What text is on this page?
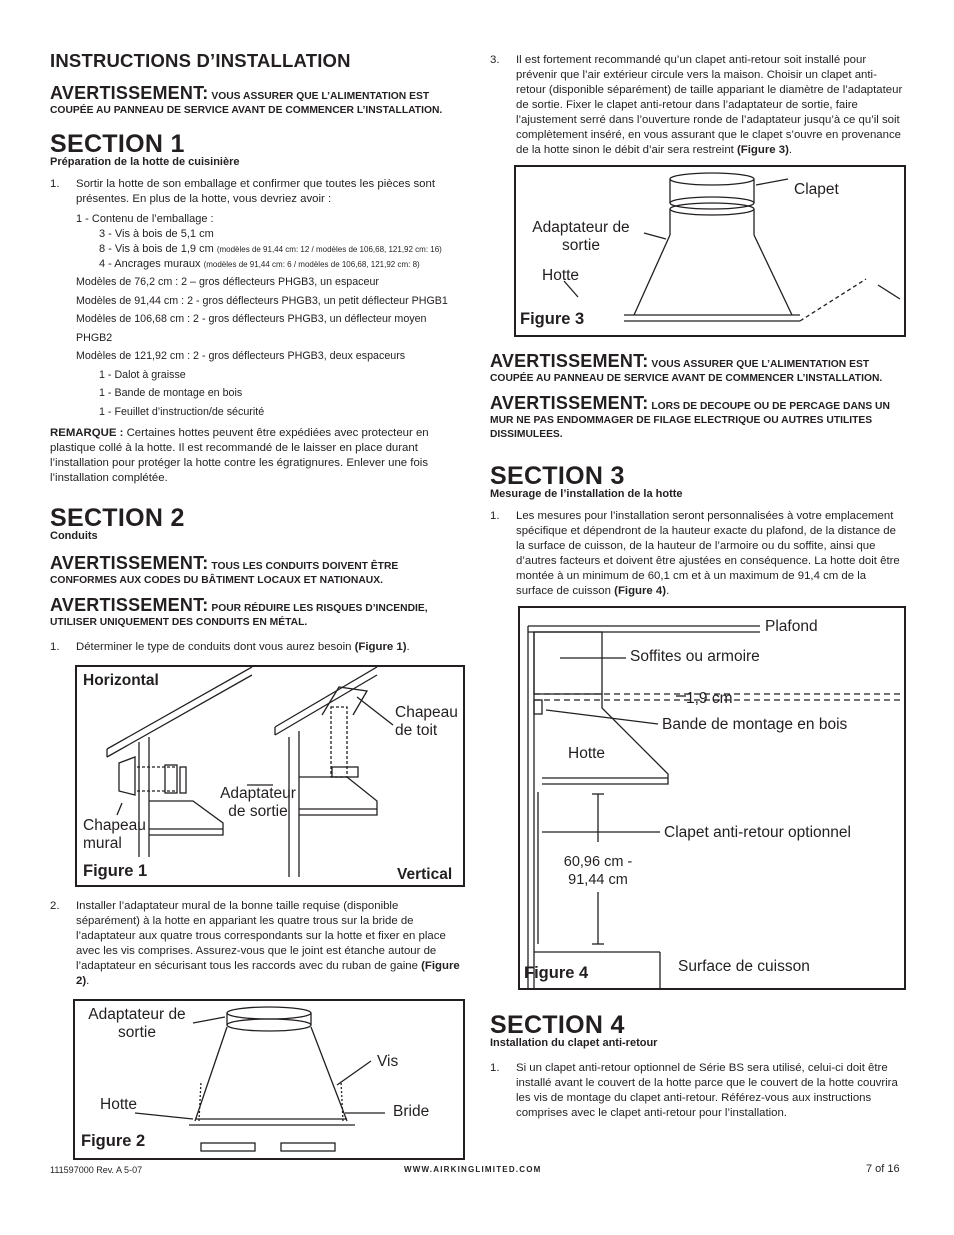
INSTRUCTIONS D’INSTALLATION
AVERTISSEMENT: VOUS ASSURER QUE L’ALIMENTATION EST COUPÉE AU PANNEAU DE SERVICE AVANT DE COMMENCER L’INSTALLATION.
SECTION 1
Préparation de la hotte de cuisinière
1.	Sortir la hotte de son emballage et confirmer que toutes les pièces sont présentes. En plus de la hotte, vous devriez avoir :
1 - Contenu de l’emballage :
3 - Vis à bois de 5,1 cm
8 - Vis à bois de 1,9 cm (modèles de 91,44 cm: 12 / modèles de 106,68, 121,92 cm: 16)
4 - Ancrages muraux (modèles de 91,44 cm: 6 / modèles de 106,68, 121,92 cm: 8)
Modèles de 76,2 cm : 2 – gros déflecteurs PHGB3, un espaceur
Modèles de 91,44 cm : 2 - gros déflecteurs PHGB3, un petit déflecteur PHGB1
Modèles de 106,68 cm : 2 - gros déflecteurs PHGB3, un déflecteur moyen PHGB2
Modèles de 121,92 cm : 2 - gros déflecteurs PHGB3, deux espaceurs
1 - Dalot à graisse
1 - Bande de montage en bois
1 - Feuillet d’instruction/de sécurité
REMARQUE : Certaines hottes peuvent être expédiées avec protecteur en plastique collé à la hotte. Il est recommandé de le laisser en place durant l’installation pour protéger la hotte contre les égratignures. Enlever une fois l’installation complétée.
SECTION 2
Conduits
AVERTISSEMENT: TOUS LES CONDUITS DOIVENT ÊTRE CONFORMES AUX CODES DU BÂTIMENT LOCAUX ET NATIONAUX.
AVERTISSEMENT: POUR RÉDUIRE LES RISQUES D’INCENDIE, UTILISER UNIQUEMENT DES CONDUITS EN MÉTAL.
1.	Déterminer le type de conduits dont vous aurez besoin (Figure 1).
Horizontal
Chapeau de toit
Adaptateur de sortie
Chapeau mural
Figure 1	Vertical
2.	Installer l’adaptateur mural de la bonne taille requise (disponible séparément) à la hotte en appariant les quatre trous sur la bride de l’adaptateur aux quatre trous correspondants sur la hotte et fixer en place avec les vis comprises. Assurez-vous que le joint est étanche autour de l’adaptateur en sécurisant tous les raccords avec du ruban de gaine (Figure 2).
Adaptateur de sortie
Vis
Hotte	Bride
Figure 2
3.	Il est fortement recommandé qu’un clapet anti-retour soit installé pour prévenir que l’air extérieur circule vers la maison. Choisir un clapet anti-retour (disponible séparément) de taille appariant le diamètre de l’adaptateur de sortie. Fixer le clapet anti-retour dans l’adaptateur de sortie, faire l’ajustement serré dans l’ouverture ronde de l’adaptateur jusqu’à ce qu’il soit complètement inséré, en vous assurant que le clapet s’ouvre en provenance de la hotte sinon le débit d’air sera restreint (Figure 3).
Clapet
Adaptateur de sortie
Hotte
Figure 3
AVERTISSEMENT: VOUS ASSURER QUE L’ALIMENTATION EST COUPÉE AU PANNEAU DE SERVICE AVANT DE COMMENCER L’INSTALLATION.
AVERTISSEMENT: LORS DE DECOUPE OU DE PERCAGE DANS UN MUR NE PAS ENDOMMAGER DE FILAGE ELECTRIQUE OU AUTRES UTILITES DISSIMULEES.
SECTION 3
Mesurage de l’installation de la hotte
1.	Les mesures pour l’installation seront personnalisées à votre emplacement spécifique et dépendront de la hauteur exacte du plafond, de la distance de la surface de cuisson, de la hauteur de l’armoire ou du soffite, ainsi que d’autres facteurs et doivent être ajustées en conséquence. La hotte doit être montée à un minimum de 60,1 cm et à un maximum de 91,4 cm de la surface de cuisson (Figure 4).
Plafond
Soffites ou armoire
1,9 cm
Bande de montage en bois
Hotte
Clapet anti-retour optionnel
60,96 cm -
91,44 cm
Surface de cuisson
Figure 4
SECTION 4
Installation du clapet anti-retour
1.	Si un clapet anti-retour optionnel de Série BS sera utilisé, celui-ci doit être installé avant le couvert de la hotte parce que le couvert de la hotte couvrira les vis de montage du clapet anti-retour. Référez-vous aux instructions comprises avec le clapet anti-retour pour l’installation.
111597000 Rev. A 5-07	WWW.AIRKINGLIMITED.COM	7 of 16
